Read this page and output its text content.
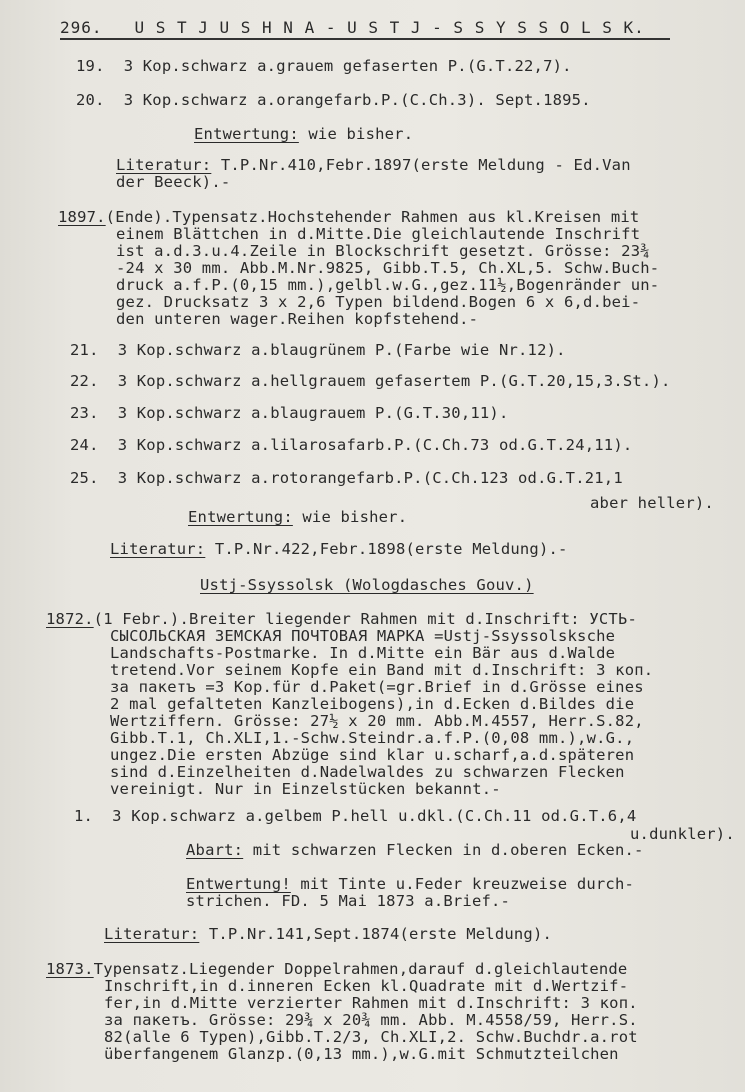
296. U S T J U S H N A - U S T J - S S Y S S O L S K.
19. 3 Kop.schwarz a.grauem gefaserten P.(G.T.22,7).
20. 3 Kop.schwarz a.orangefarb.P.(C.Ch.3). Sept.1895.
Entwertung: wie bisher.
Literatur: T.P.Nr.410,Febr.1897(erste Meldung - Ed.Van
der Beeck).-
1897.(Ende).Typensatz.Hochstehender Rahmen aus kl.Kreisen mit
einem Blättchen in d.Mitte.Die gleichlautende Inschrift
ist a.d.3.u.4.Zeile in Blockschrift gesetzt. Grösse: 23¾
-24 x 30 mm. Abb.M.Nr.9825, Gibb.T.5, Ch.XL,5. Schw.Buch-
druck a.f.P.(0,15 mm.),gelbl.w.G.,gez.11½,Bogenränder un-
gez. Drucksatz 3 x 2,6 Typen bildend.Bogen 6 x 6,d.bei-
den unteren wager.Reihen kopfstehend.-
21. 3 Kop.schwarz a.blaugrünem P.(Farbe wie Nr.12).
22. 3 Kop.schwarz a.hellgrauem gefasertem P.(G.T.20,15,3.St.).
23. 3 Kop.schwarz a.blaugrauem P.(G.T.30,11).
24. 3 Kop.schwarz a.lilarosafarb.P.(C.Ch.73 od.G.T.24,11).
25. 3 Kop.schwarz a.rotorangefarb.P.(C.Ch.123 od.G.T.21,1
aber heller).
Entwertung: wie bisher.
Literatur: T.P.Nr.422,Febr.1898(erste Meldung).-
Ustj-Ssyssolsk (Wologdasches Gouv.)
1872.(1 Febr.).Breiter liegender Rahmen mit d.Inschrift: УСТЬ-
СЫСОЛЬСКАЯ ЗЕМСКАЯ ПОЧТОВАЯ МАРКА =Ustj-Ssyssolsksche
Landschafts-Postmarke. In d.Mitte ein Bär aus d.Walde
tretend.Vor seinem Kopfe ein Band mit d.Inschrift: 3 коп.
за пакетъ =3 Kop.für d.Paket(=gr.Brief in d.Grösse eines
2 mal gefalteten Kanzleibogens),in d.Ecken d.Bildes die
Wertziffern. Grösse: 27½ x 20 mm. Abb.M.4557, Herr.S.82,
Gibb.T.1, Ch.XLI,1.-Schw.Steindr.a.f.P.(0,08 mm.),w.G.,
ungez.Die ersten Abzüge sind klar u.scharf,a.d.späteren
sind d.Einzelheiten d.Nadelwaldes zu schwarzen Flecken
vereinigt. Nur in Einzelstücken bekannt.-
1. 3 Kop.schwarz a.gelbem P.hell u.dkl.(C.Ch.11 od.G.T.6,4
u.dunkler).
Abart: mit schwarzen Flecken in d.oberen Ecken.-
Entwertung! mit Tinte u.Feder kreuzweise durch-
strichen. FD. 5 Mai 1873 a.Brief.-
Literatur: T.P.Nr.141,Sept.1874(erste Meldung).
1873.Typensatz.Liegender Doppelrahmen,darauf d.gleichlautende
Inschrift,in d.inneren Ecken kl.Quadrate mit d.Wertzif-
fer,in d.Mitte verzierter Rahmen mit d.Inschrift: 3 коп.
за пакетъ. Grösse: 29¾ x 20¾ mm. Abb. M.4558/59, Herr.S.
82(alle 6 Typen),Gibb.T.2/3, Ch.XLI,2. Schw.Buchdr.a.rot
überfangenem Glanzp.(0,13 mm.),w.G.mit Schmutzteilchen
